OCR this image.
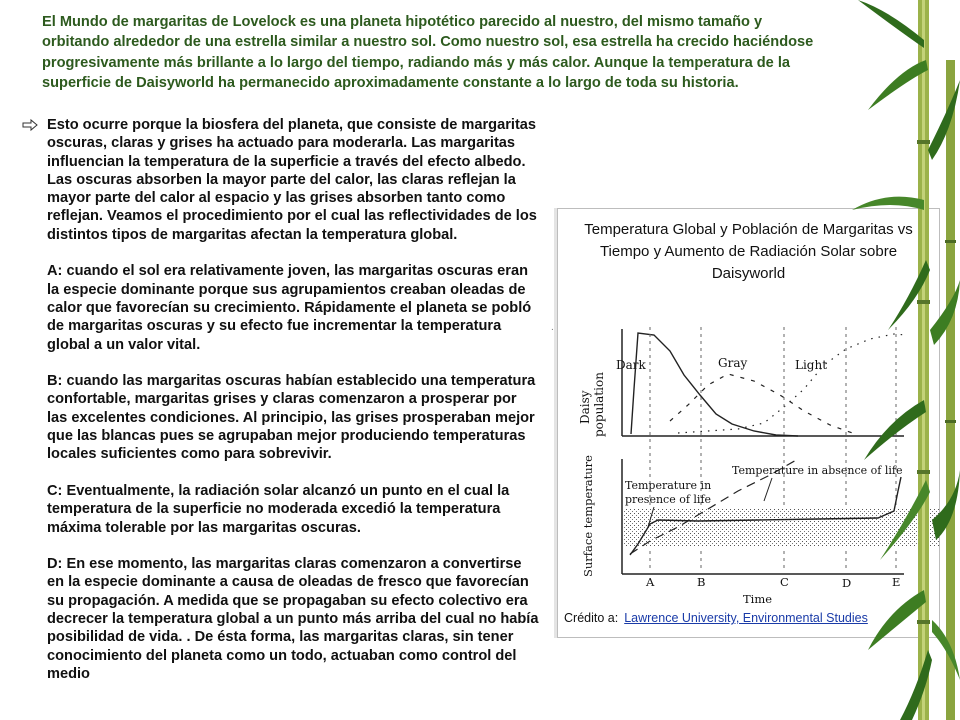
El Mundo de margaritas de Lovelock es una planeta hipotético parecido al nuestro, del mismo tamaño y orbitando alrededor de una estrella similar a nuestro sol. Como nuestro sol, esa estrella ha crecido haciéndose progresivamente más brillante a lo largo del tiempo, radiando más y más calor. Aunque la temperatura de la superficie de Daisyworld ha permanecido aproximadamente constante a lo largo de toda su historia.

Esto ocurre porque la biosfera del planeta, que consiste de margaritas oscuras, claras y grises ha actuado para moderarla. Las margaritas influencian la temperatura de la superficie a través del efecto albedo. Las oscuras absorben la mayor parte del calor, las claras reflejan la mayor parte del calor al espacio y las grises absorben tanto como reflejan. Veamos el procedimiento por el cual las reflectividades de los distintos tipos de margaritas afectan la temperatura global.

A: cuando el sol era relativamente joven, las margaritas oscuras eran la especie dominante porque sus agrupamientos creaban oleadas de calor que favorecían su crecimiento. Rápidamente el planeta se pobló de margaritas oscuras y su efecto fue incrementar la temperatura global a un valor vital.

B: cuando las margaritas oscuras habían establecido una temperatura confortable, margaritas grises y claras comenzaron a prosperar por las excelentes condiciones. Al principio, las grises prosperaban mejor que las blancas pues se agrupaban mejor produciendo temperaturas locales suficientes como para sobrevivir.

C: Eventualmente, la radiación solar alcanzó un punto en el cual la temperatura de la superficie no moderada excedió la temperatura máxima tolerable por las margaritas oscuras.

D: En ese momento, las margaritas claras comenzaron a convertirse en la especie dominante a causa de oleadas de fresco que favorecían su propagación. A medida que se propagaban su efecto colectivo era decrecer la temperatura global a un punto más arriba del cual no había posibilidad de vida. . De ésta forma, las margaritas claras, sin tener conocimiento del planeta como un todo, actuaban como control del medio

.
Temperatura Global y Población de Margaritas vs
Tiempo y Aumento de Radiación Solar sobre
Daisyworld
Daisy population
Dark	Gray	Light
Surface temperature	Temperature in
presence of life
Temperature in absence of life
A	B	C	D	E
Time
Crédito a: Lawrence University, Environmental Studies
